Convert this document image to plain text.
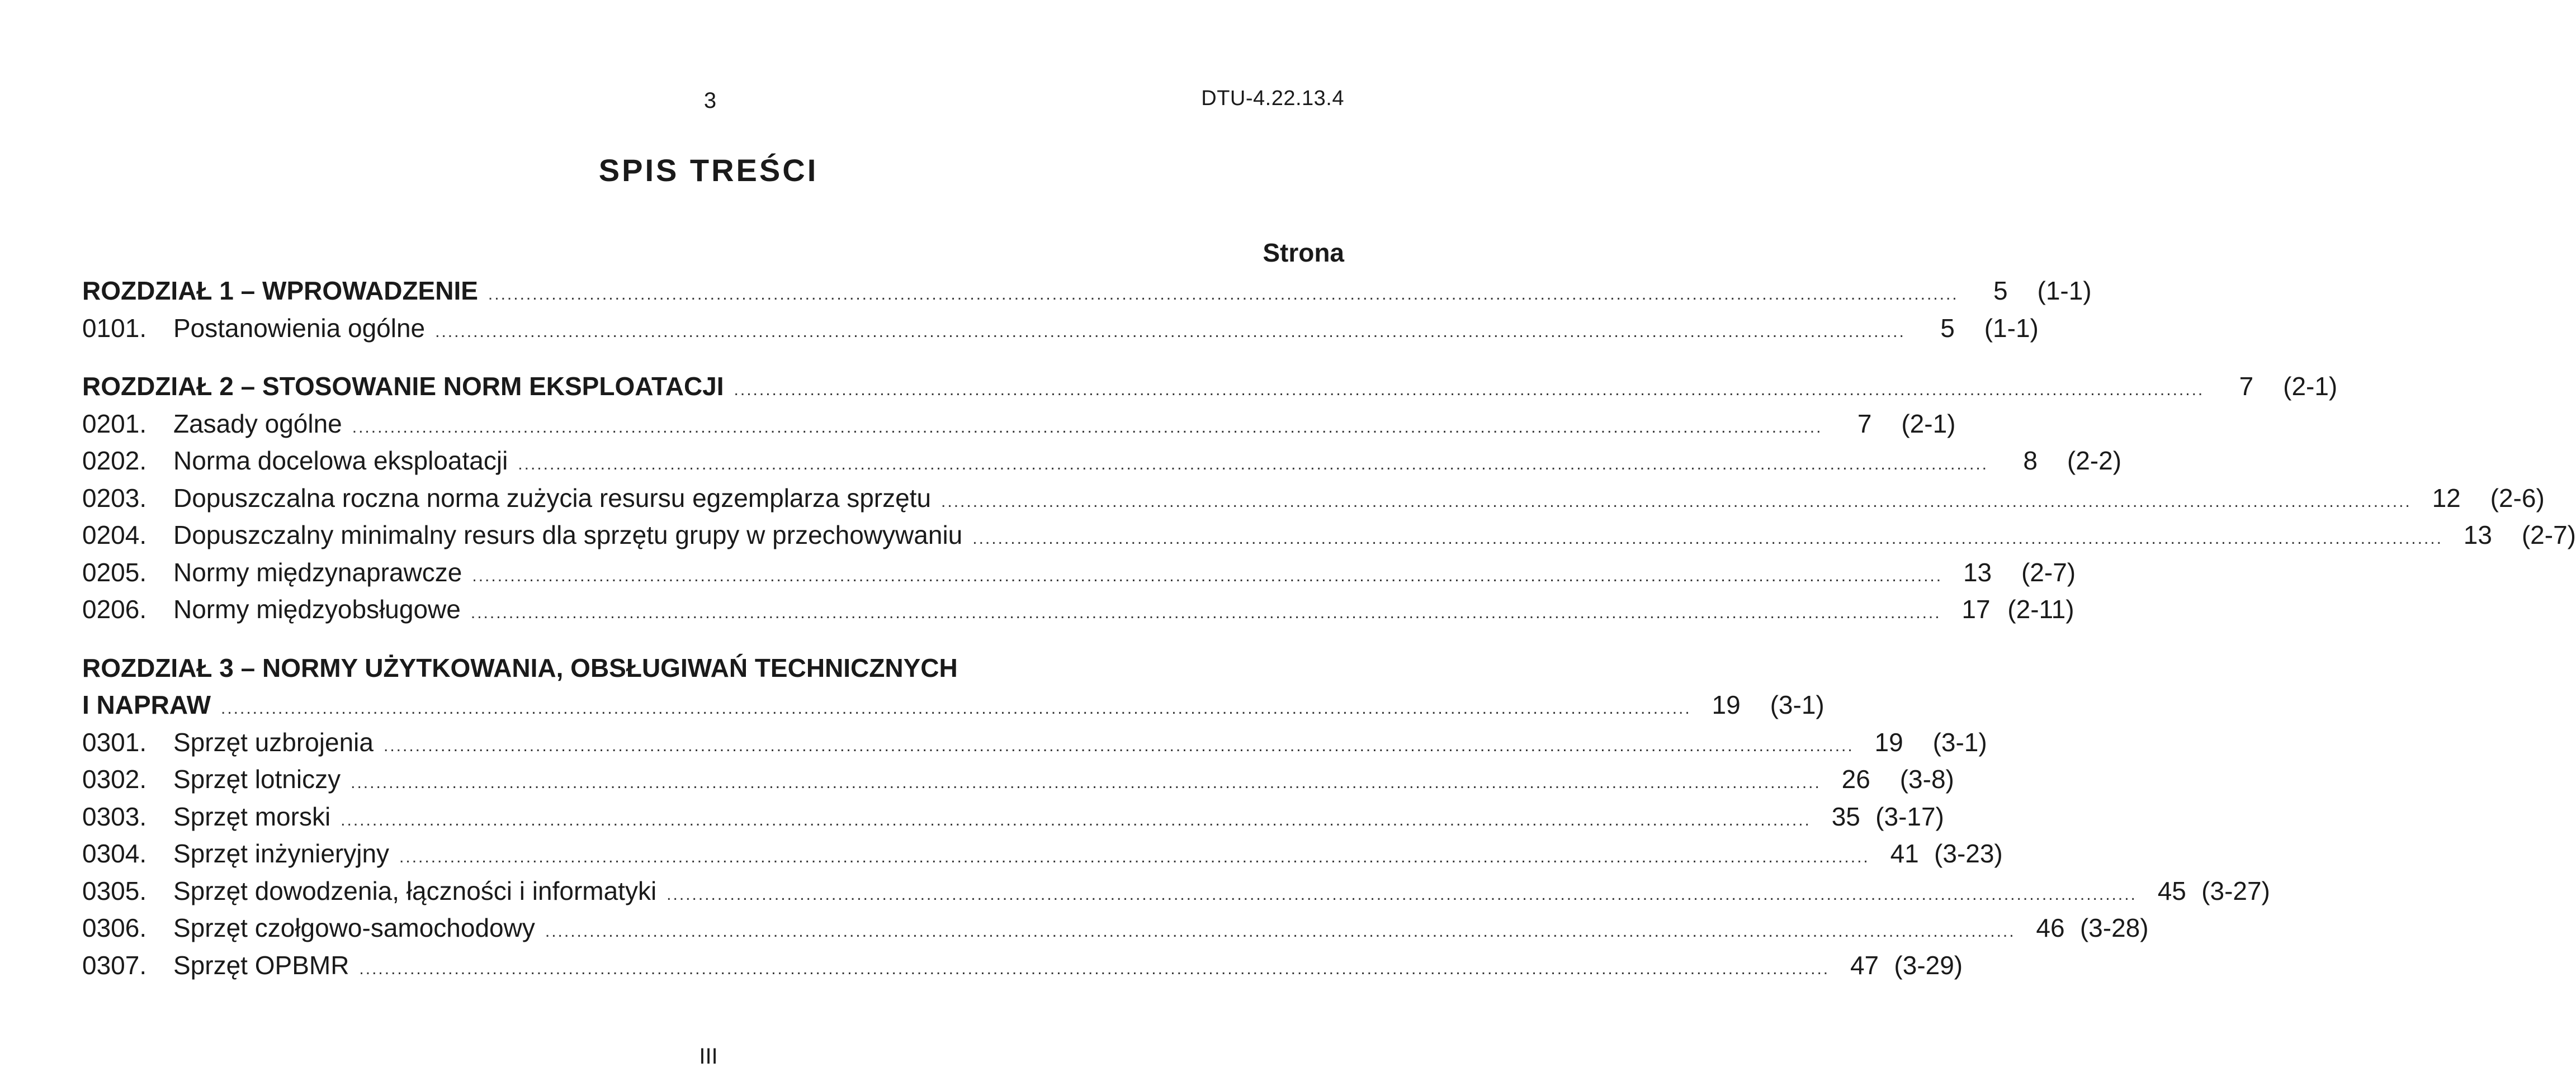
3	DTU-4.22.13.4
SPIS TREŚCI
Strona
ROZDZIAŁ 1 – WPROWADZENIE ........................................................................................................................................................................................................................................	5	(1-1)
0101.	Postanowienia ogólne ........................................................................................................................................................................................................................................	5	(1-1)
ROZDZIAŁ 2 – STOSOWANIE NORM EKSPLOATACJI ........................................................................................................................................................................................................................................	7	(2-1)
0201.	Zasady ogólne ........................................................................................................................................................................................................................................	7	(2-1)
0202.	Norma docelowa eksploatacji ........................................................................................................................................................................................................................................	8	(2-2)
0203.	Dopuszczalna roczna norma zużycia resursu egzemplarza sprzętu ........................................................................................................................................................................................................................................ 12	(2-6)
0204.	Dopuszczalny minimalny resurs dla sprzętu grupy w przechowywaniu ........................................................................................................................................................................................................................................ 13	(2-7)
0205.	Normy międzynaprawcze ........................................................................................................................................................................................................................................ 13	(2-7)
0206.	Normy międzyobsługowe ........................................................................................................................................................................................................................................ 17 (2-11)
ROZDZIAŁ 3 – NORMY UŻYTKOWANIA, OBSŁUGIWAŃ TECHNICZNYCH
I NAPRAW ........................................................................................................................................................................................................................................ 19	(3-1)
0301.	Sprzęt uzbrojenia ........................................................................................................................................................................................................................................ 19	(3-1)
0302.	Sprzęt lotniczy ........................................................................................................................................................................................................................................ 26	(3-8)
0303.	Sprzęt morski ........................................................................................................................................................................................................................................ 35 (3-17)
0304.	Sprzęt inżynieryjny ........................................................................................................................................................................................................................................ 41 (3-23)
0305.	Sprzęt dowodzenia, łączności i informatyki ........................................................................................................................................................................................................................................ 45 (3-27)
0306.	Sprzęt czołgowo-samochodowy ........................................................................................................................................................................................................................................ 46 (3-28)
0307.	Sprzęt OPBMR ........................................................................................................................................................................................................................................ 47 (3-29)
III
